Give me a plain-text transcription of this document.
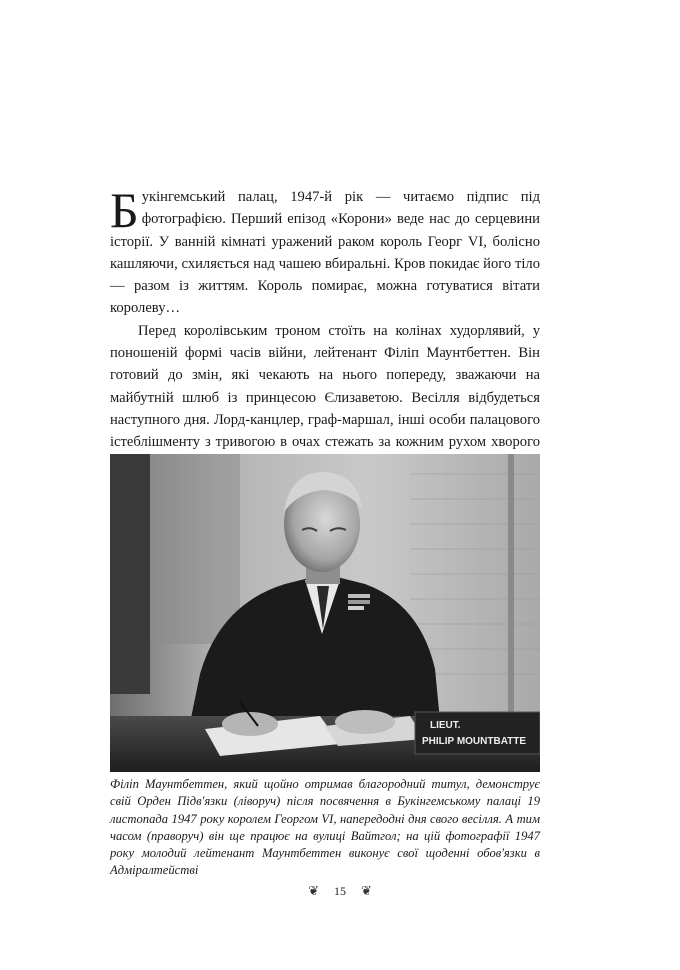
Букінгемський палац, 1947-й рік — читаємо підпис під фотографією. Перший епізод «Корони» веде нас до серцевини історії. У ванній кімнаті уражений раком король Георг VI, болісно кашляючи, схиляється над чашею вбиральні. Кров покидає його тіло — разом із життям. Король помирає, можна готуватися вітати королеву…

Перед королівським троном стоїть на колінах худорлявий, у поношеній формі часів війни, лейтенант Філіп Маунтбеттен. Він готовий до змін, які чекають на нього попереду, зважаючи на майбутній шлюб із принцесою Єлизаветою. Весілля відбудеться наступного дня. Лорд-канцлер, граф-маршал, інші особи палацового істеблішменту з тривогою в очах стежать за кожним рухом хворого

LIEUT.
PHILIP MOUNTBATTE

Філіп Маунтбеттен, який щойно отримав благородний титул, демонструє свій Орден Підв'язки (ліворуч) після посвячення в Букінгемському палаці 19 листопада 1947 року королем Георгом VI, напередодні дня свого весілля. А тим часом (праворуч) він ще працює на вулиці Вайтгол; на цій фотографії 1947 року молодий лейтенант Маунтбеттен виконує свої щоденні обов'язки в Адміралтействі

❦ 15 ❦
